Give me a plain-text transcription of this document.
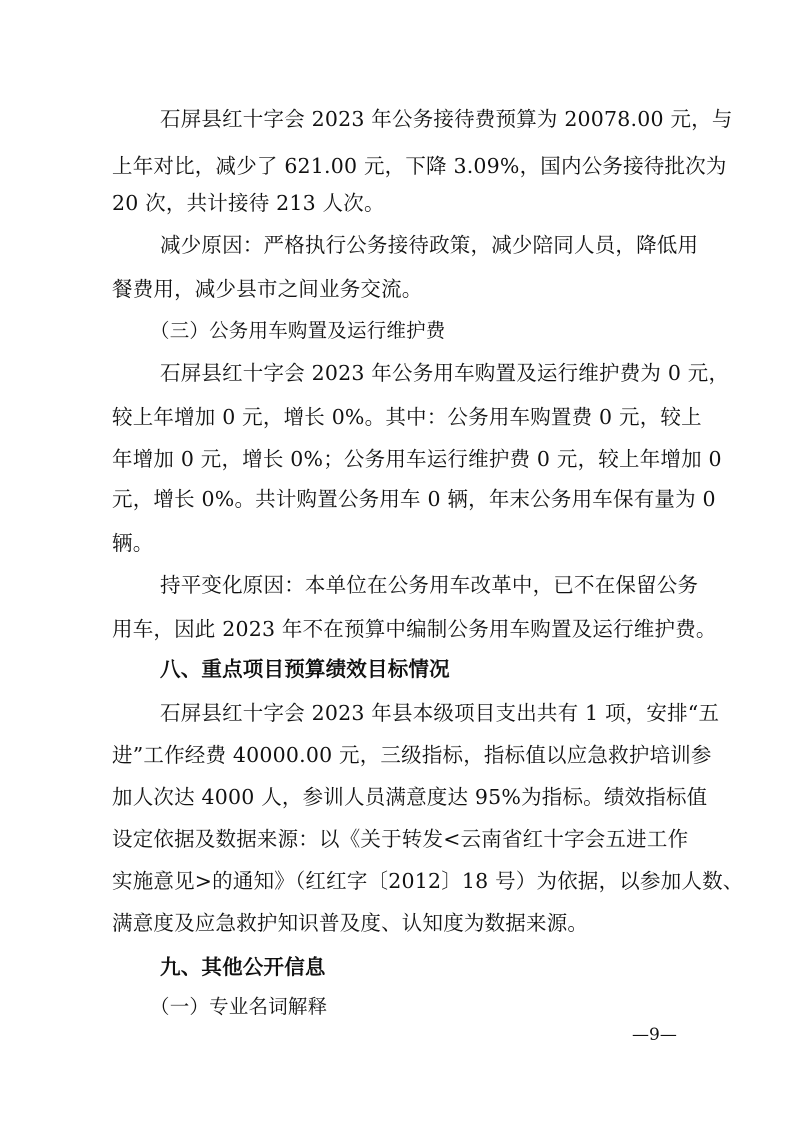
石屏县红十字会 2023 年公务接待费预算为 20078.00 元，与
上年对比，减少了 621.00 元，下降 3.09%，国内公务接待批次为
20 次，共计接待 213 人次。
减少原因：严格执行公务接待政策，减少陪同人员，降低用
餐费用，减少县市之间业务交流。
（三）公务用车购置及运行维护费
石屏县红十字会 2023 年公务用车购置及运行维护费为 0 元，
较上年增加 0 元，增长 0%。其中：公务用车购置费 0 元，较上
年增加 0 元，增长 0%；公务用车运行维护费 0 元，较上年增加 0
元，增长 0%。共计购置公务用车 0 辆，年末公务用车保有量为 0
辆。
持平变化原因：本单位在公务用车改革中，已不在保留公务
用车，因此 2023 年不在预算中编制公务用车购置及运行维护费。
八、重点项目预算绩效目标情况
石屏县红十字会 2023 年县本级项目支出共有 1 项，安排“五
进”工作经费 40000.00 元，三级指标，指标值以应急救护培训参
加人次达 4000 人，参训人员满意度达 95%为指标。绩效指标值
设定依据及数据来源：以《关于转发<云南省红十字会五进工作
实施意见>的通知》（红红字〔2012〕18 号）为依据，以参加人数、
满意度及应急救护知识普及度、认知度为数据来源。
九、其他公开信息
（一）专业名词解释
—9—
